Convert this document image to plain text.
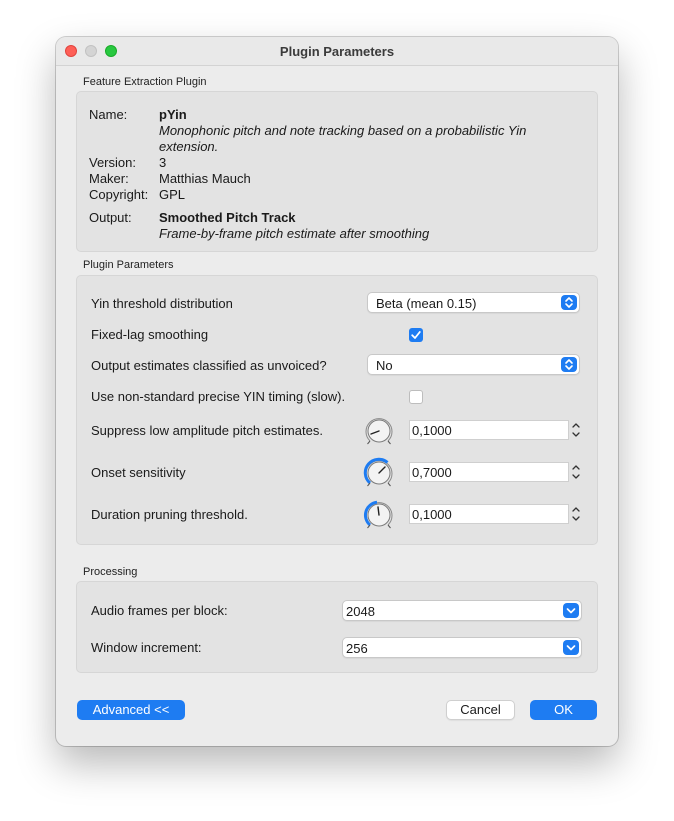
Plugin Parameters
Feature Extraction Plugin
Name: pYin
Monophonic pitch and note tracking based on a probabilistic Yin
extension.
Version: 3
Maker: Matthias Mauch
Copyright: GPL
Output: Smoothed Pitch Track
Frame-by-frame pitch estimate after smoothing
Plugin Parameters
Yin threshold distribution	Beta (mean 0.15)
Fixed-lag smoothing
Output estimates classified as unvoiced?	No
Use non-standard precise YIN timing (slow).
Suppress low amplitude pitch estimates.	0,1000
Onset sensitivity	0,7000
Duration pruning threshold.	0,1000
Processing
Audio frames per block:	2048
Window increment:	256
Advanced <<	Cancel	OK
